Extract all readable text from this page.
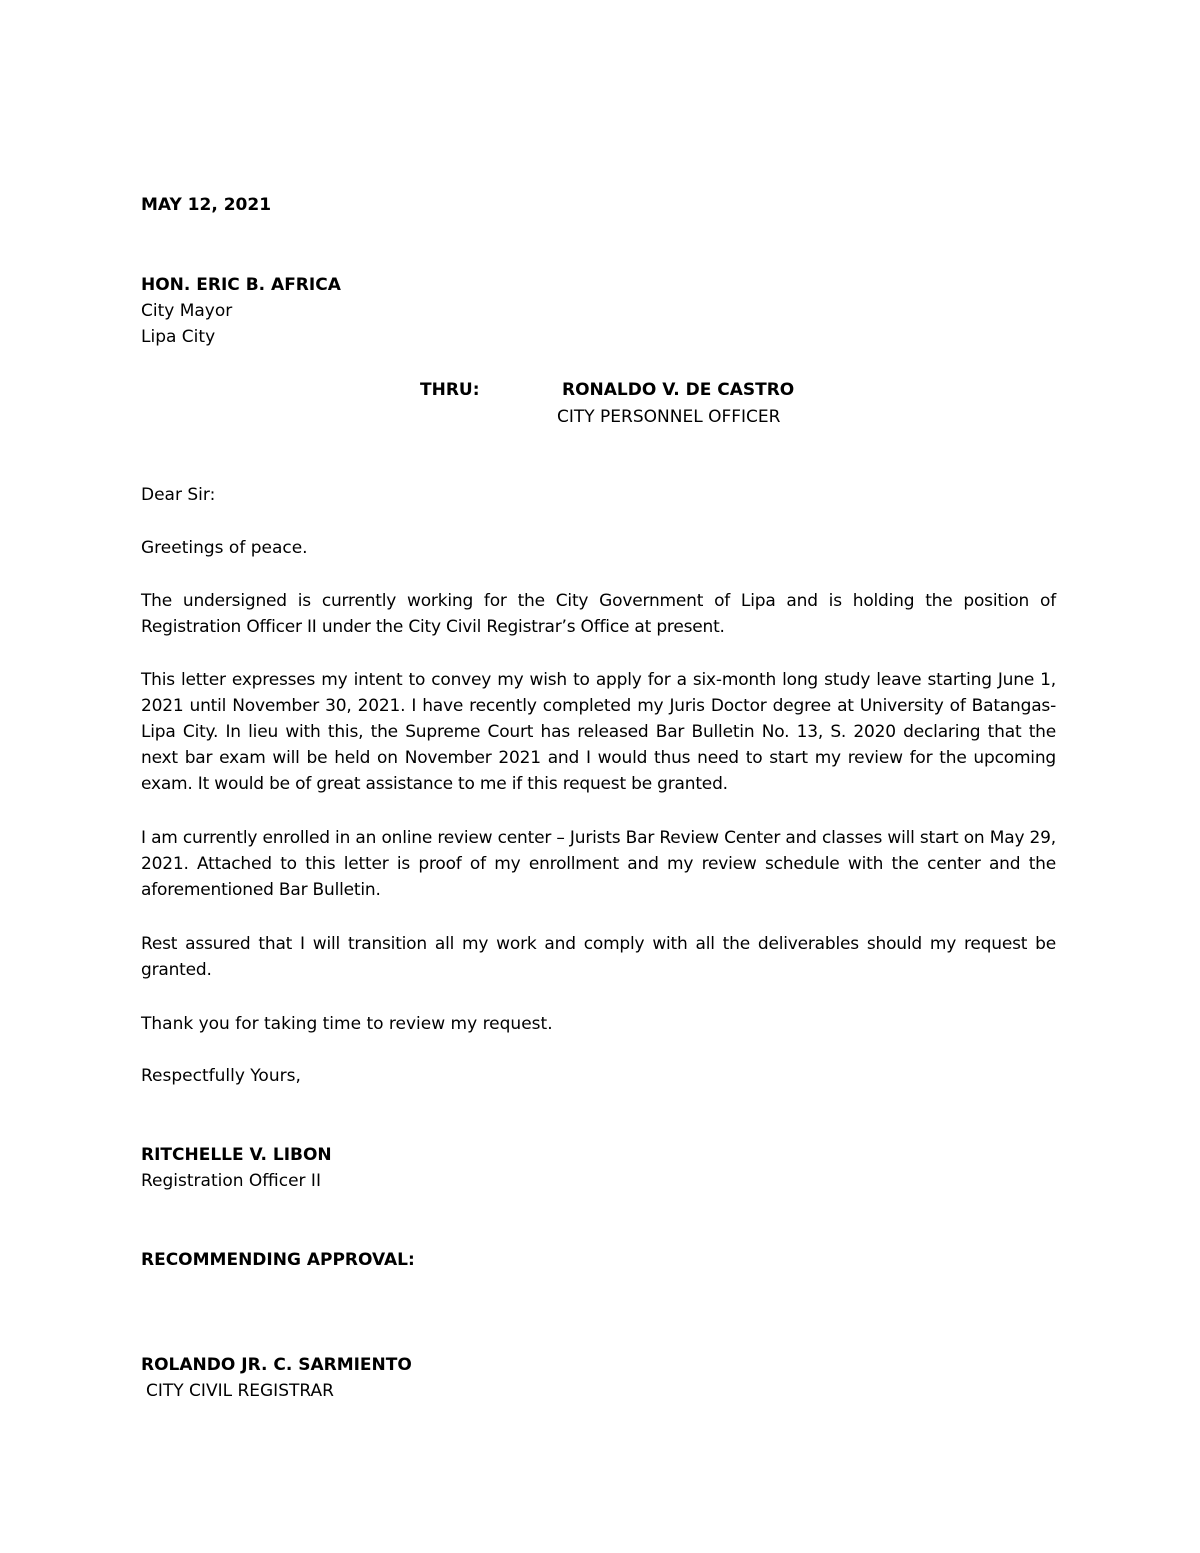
MAY 12, 2021
HON. ERIC B. AFRICA
City Mayor
Lipa City
THRU:	RONALDO V. DE CASTRO
CITY PERSONNEL OFFICER
Dear Sir:
Greetings of peace.
The undersigned is currently working for the City Government of Lipa and is holding the position of Registration Officer II under the City Civil Registrar’s Office at present.
This letter expresses my intent to convey my wish to apply for a six-month long study leave starting June 1, 2021 until November 30, 2021. I have recently completed my Juris Doctor degree at University of Batangas-Lipa City. In lieu with this, the Supreme Court has released Bar Bulletin No. 13, S. 2020 declaring that the next bar exam will be held on November 2021 and I would thus need to start my review for the upcoming exam. It would be of great assistance to me if this request be granted.
I am currently enrolled in an online review center – Jurists Bar Review Center and classes will start on May 29, 2021. Attached to this letter is proof of my enrollment and my review schedule with the center and the aforementioned Bar Bulletin.
Rest assured that I will transition all my work and comply with all the deliverables should my request be granted.
Thank you for taking time to review my request.
Respectfully Yours,
RITCHELLE V. LIBON
Registration Officer II
RECOMMENDING APPROVAL:
ROLANDO JR. C. SARMIENTO
CITY CIVIL REGISTRAR
